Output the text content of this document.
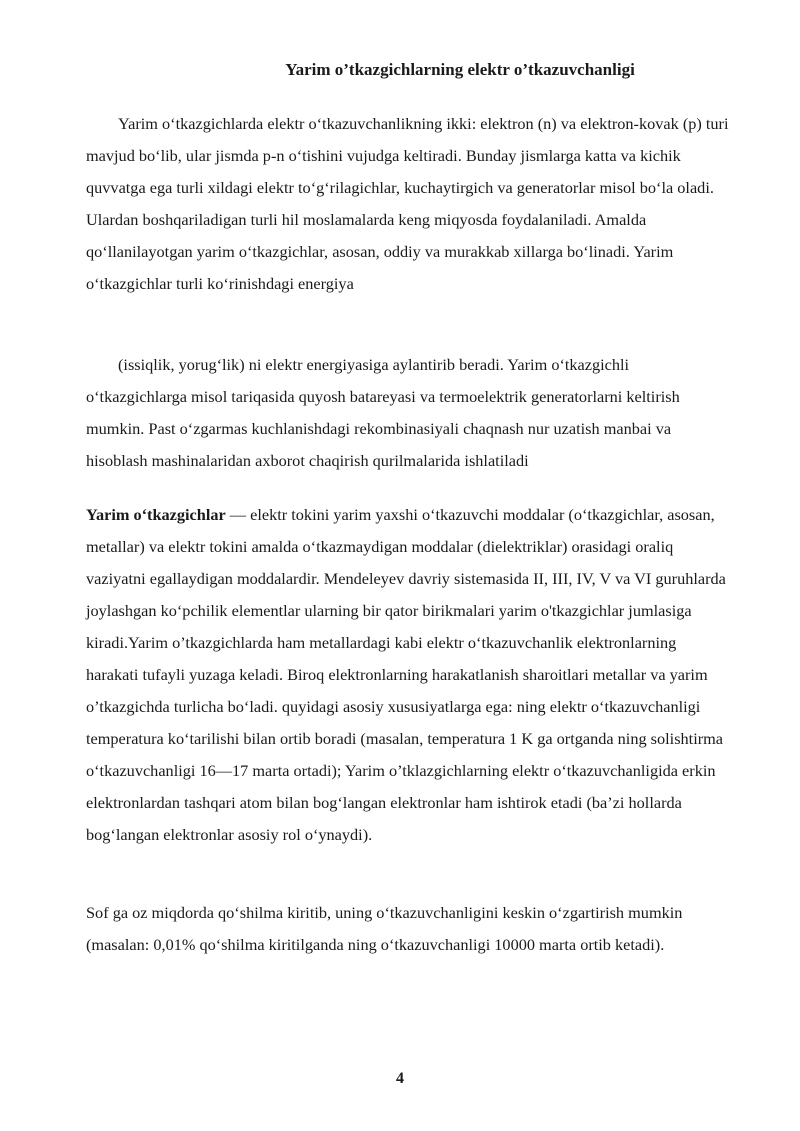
Yarim o’tkazgichlarning elektr o’tkazuvchanligi

Yarim oʻtkazgichlarda elektr oʻtkazuvchanlikning ikki: elektron (n) va elektron-kovak (p) turi mavjud boʻlib, ular jismda p-n oʻtishini vujudga keltiradi. Bunday jismlarga katta va kichik quvvatga ega turli xildagi elektr toʻgʻrilagichlar, kuchaytirgich va generatorlar misol boʻla oladi. Ulardan boshqariladigan turli hil moslamalarda keng miqyosda foydalaniladi. Amalda qoʻllanilayotgan yarim oʻtkazgichlar, asosan, oddiy va murakkab xillarga boʻlinadi. Yarim oʻtkazgichlar turli koʻrinishdagi energiya

(issiqlik, yorugʻlik) ni elektr energiyasiga aylantirib beradi. Yarim oʻtkazgichli oʻtkazgichlarga misol tariqasida quyosh batareyasi va termoelektrik generatorlarni keltirish mumkin. Past oʻzgarmas kuchlanishdagi rekombinasiyali chaqnash nur uzatish manbai va hisoblash mashinalaridan axborot chaqirish qurilmalarida ishlatiladi

Yarim oʻtkazgichlar — elektr tokini yarim yaxshi oʻtkazuvchi moddalar (oʻtkazgichlar, asosan, metallar) va elektr tokini amalda oʻtkazmaydigan moddalar (dielektriklar) orasidagi oraliq vaziyatni egallaydigan moddalardir. Mendeleyev davriy sistemasida II, III, IV, V va VI guruhlarda joylashgan koʻpchilik elementlar ularning bir qator birikmalari yarim o'tkazgichlar jumlasiga kiradi.Yarim o’tkazgichlarda ham metallardagi kabi elektr oʻtkazuvchanlik elektronlarning harakati tufayli yuzaga keladi. Biroq elektronlarning harakatlanish sharoitlari metallar va yarim o’tkazgichda turlicha boʻladi. quyidagi asosiy xususiyatlarga ega: ning elektr oʻtkazuvchanligi temperatura koʻtarilishi bilan ortib boradi (masalan, temperatura 1 K ga ortganda ning solishtirma oʻtkazuvchanligi 16—17 marta ortadi); Yarim o’tklazgichlarning elektr oʻtkazuvchanligida erkin elektronlardan tashqari atom bilan bogʻlangan elektronlar ham ishtirok etadi (baʼzi hollarda bogʻlangan elektronlar asosiy rol oʻynaydi).

Sof ga oz miqdorda qoʻshilma kiritib, uning oʻtkazuvchanligini keskin oʻzgartirish mumkin (masalan: 0,01% qoʻshilma kiritilganda ning oʻtkazuvchanligi 10000 marta ortib ketadi).

4
